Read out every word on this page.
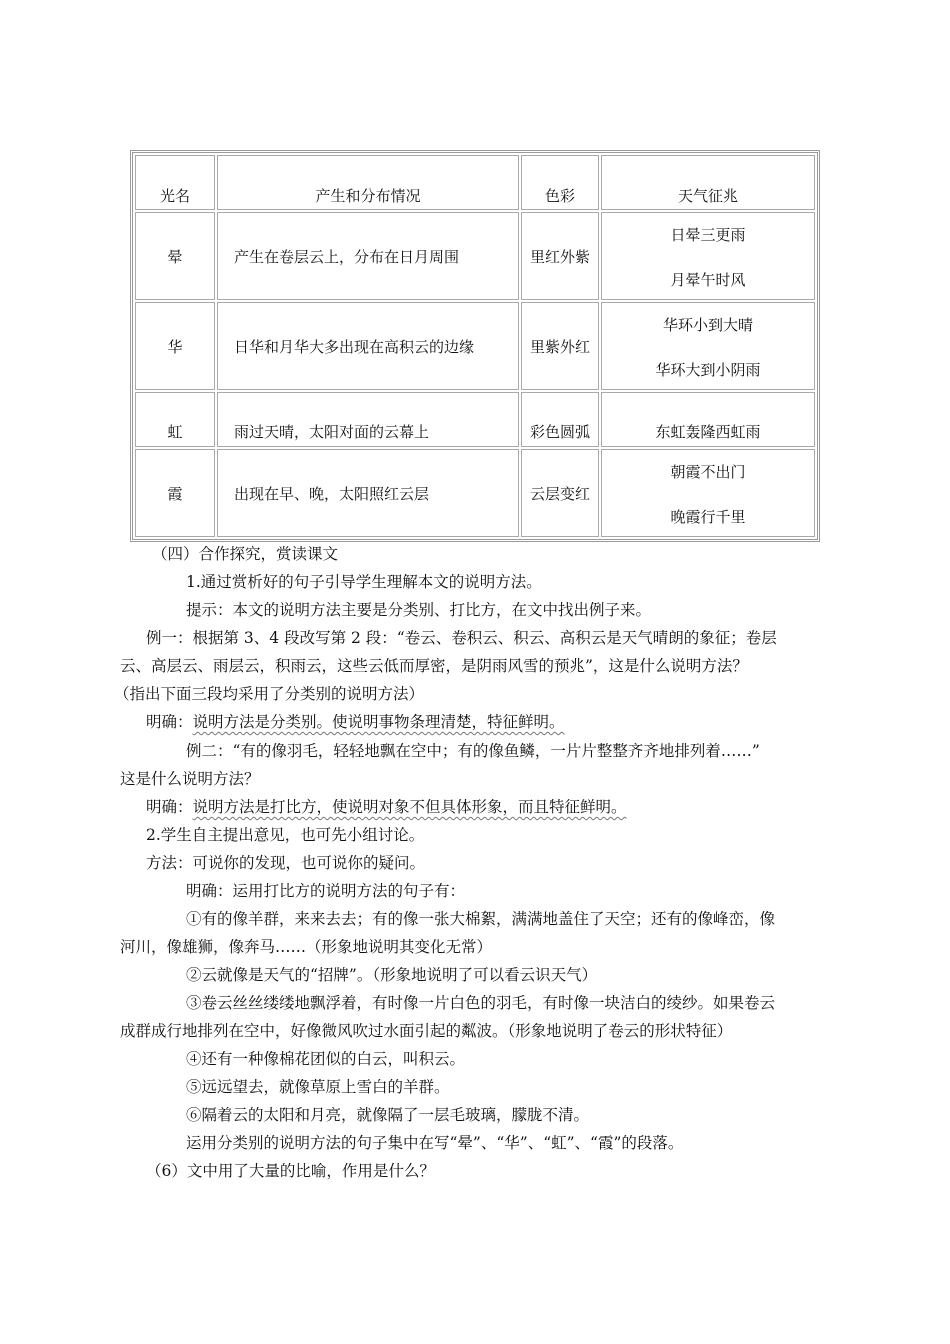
光名	产生和分布情况	色彩	天气征兆
晕	产生在卷层云上，分布在日月周围	里红外紫	日晕三更雨
月晕午时风

华	日华和月华大多出现在高积云的边缘	里紫外红	华环小到大晴
华环大到小阴雨

虹	雨过天晴，太阳对面的云幕上	彩色圆弧	东虹轰隆西虹雨
霞	出现在早、晚，太阳照红云层	云层变红	朝霞不出门
晚霞行千里
（四）合作探究，赏读课文
1.通过赏析好的句子引导学生理解本文的说明方法。
提示：本文的说明方法主要是分类别、打比方，在文中找出例子来。
例一：根据第 3、4 段改写第 2 段：“卷云、卷积云、积云、高积云是天气晴朗的象征；卷层
云、高层云、雨层云，积雨云，这些云低而厚密，是阴雨风雪的预兆”，这是什么说明方法？
（指出下面三段均采用了分类别的说明方法）
明确：说明方法是分类别。使说明事物条理清楚，特征鲜明。
例二：“有的像羽毛，轻轻地飘在空中；有的像鱼鳞，一片片整整齐齐地排列着……”
这是什么说明方法？
明确：说明方法是打比方，使说明对象不但具体形象，而且特征鲜明。
2.学生自主提出意见，也可先小组讨论。
方法：可说你的发现，也可说你的疑问。
明确：运用打比方的说明方法的句子有：
①有的像羊群，来来去去；有的像一张大棉絮，满满地盖住了天空；还有的像峰峦，像
河川，像雄狮，像奔马……（形象地说明其变化无常）
②云就像是天气的“招牌”。（形象地说明了可以看云识天气）
③卷云丝丝缕缕地飘浮着，有时像一片白色的羽毛，有时像一块洁白的绫纱。如果卷云
成群成行地排列在空中，好像微风吹过水面引起的粼波。（形象地说明了卷云的形状特征）
④还有一种像棉花团似的白云，叫积云。
⑤远远望去，就像草原上雪白的羊群。
⑥隔着云的太阳和月亮，就像隔了一层毛玻璃，朦胧不清。
运用分类别的说明方法的句子集中在写“晕”、“华”、“虹”、“霞”的段落。
（6）文中用了大量的比喻，作用是什么？
